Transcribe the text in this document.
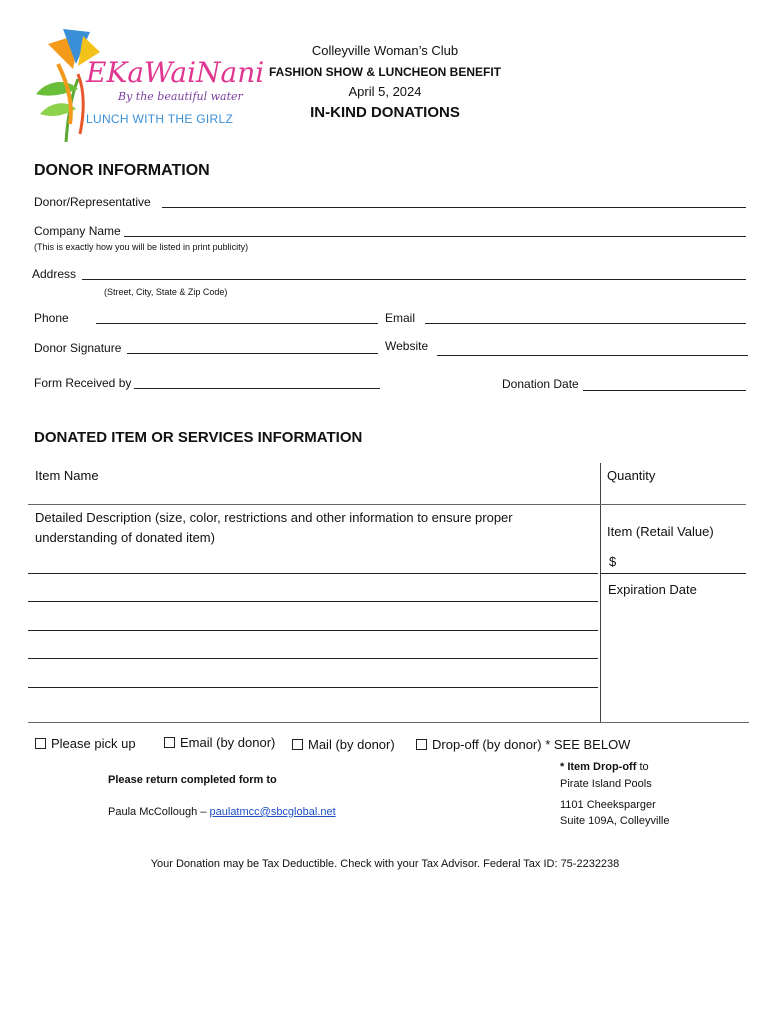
EKaWaiNani
By the beautiful water
LUNCH WITH THE GIRLZ
Colleyville Woman’s Club
FASHION SHOW & LUNCHEON BENEFIT
April 5, 2024
IN-KIND DONATIONS
DONOR INFORMATION
Donor/Representative
Company Name
(This is exactly how you will be listed in print publicity)
Address
(Street, City, State & Zip Code)
Phone	Email
Donor Signature	Website
Form Received by	Donation Date
DONATED ITEM OR SERVICES INFORMATION
Item Name	Quantity
Detailed Description (size, color, restrictions and other information to ensure proper understanding of donated item)	Item (Retail Value)
$
Expiration Date
Please pick up	Email (by donor)	Mail (by donor)	Drop-off (by donor) * SEE BELOW
Please return completed form to
Paula McCollough – paulatmcc@sbcglobal.net
* Item Drop-off to
Pirate Island Pools
1101 Cheeksparger
Suite 109A, Colleyville
Your Donation may be Tax Deductible. Check with your Tax Advisor. Federal Tax ID: 75-2232238
